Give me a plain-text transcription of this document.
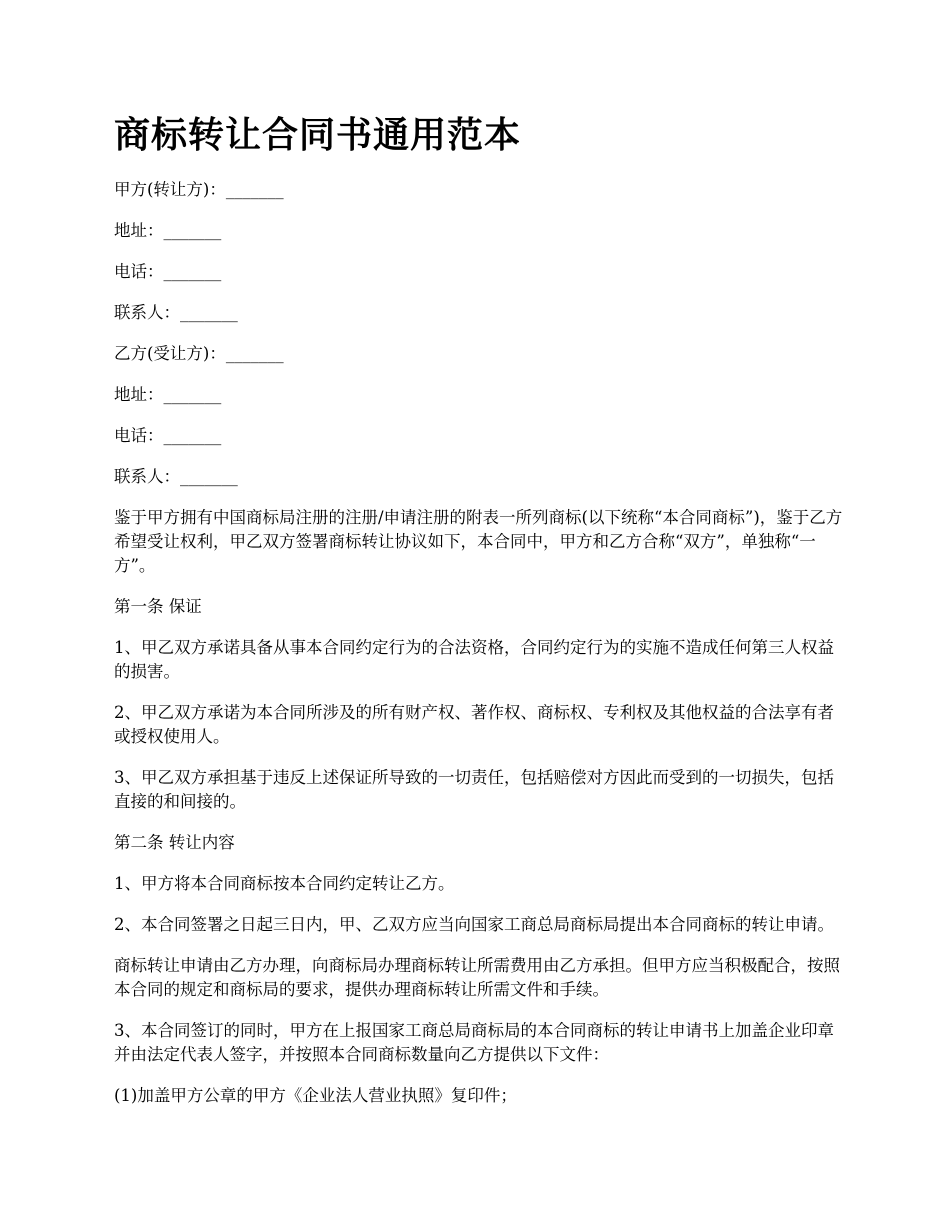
商标转让合同书通用范本

甲方(转让方)：_______

地址：_______

电话：_______

联系人：_______

乙方(受让方)：_______

地址：_______

电话：_______

联系人：_______

鉴于甲方拥有中国商标局注册的注册/申请注册的附表一所列商标(以下统称“本合同商标”)，鉴于乙方希望受让权利，甲乙双方签署商标转让协议如下，本合同中，甲方和乙方合称“双方”，单独称“一方”。

第一条 保证

1、甲乙双方承诺具备从事本合同约定行为的合法资格，合同约定行为的实施不造成任何第三人权益的损害。

2、甲乙双方承诺为本合同所涉及的所有财产权、著作权、商标权、专利权及其他权益的合法享有者或授权使用人。

3、甲乙双方承担基于违反上述保证所导致的一切责任，包括赔偿对方因此而受到的一切损失，包括直接的和间接的。

第二条 转让内容

1、甲方将本合同商标按本合同约定转让乙方。

2、本合同签署之日起三日内，甲、乙双方应当向国家工商总局商标局提出本合同商标的转让申请。

商标转让申请由乙方办理，向商标局办理商标转让所需费用由乙方承担。但甲方应当积极配合，按照本合同的规定和商标局的要求，提供办理商标转让所需文件和手续。

3、本合同签订的同时，甲方在上报国家工商总局商标局的本合同商标的转让申请书上加盖企业印章并由法定代表人签字，并按照本合同商标数量向乙方提供以下文件：

(1)加盖甲方公章的甲方《企业法人营业执照》复印件；
